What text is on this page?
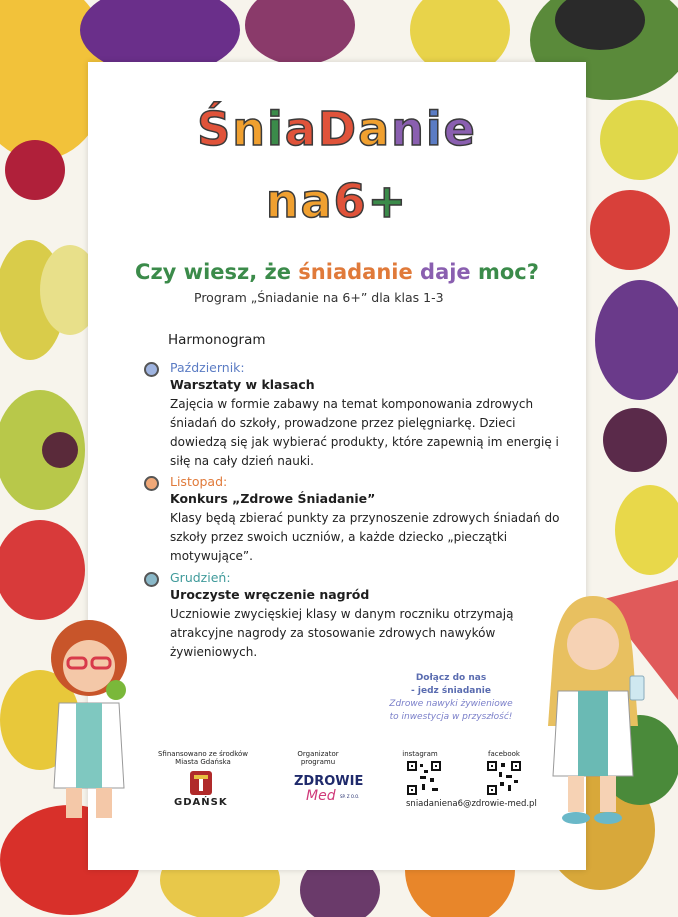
ŚniaDanie
na6+
Czy wiesz, że śniadanie daje moc?
Program „Śniadanie na 6+” dla klas 1-3
Harmonogram
Październik:
Warsztaty w klasach
Zajęcia w formie zabawy na temat komponowania zdrowych śniadań do szkoły, prowadzone przez pielęgniarkę. Dzieci dowiedzą się jak wybierać produkty, które zapewnią im energię i siłę na cały dzień nauki.
Listopad:
Konkurs „Zdrowe Śniadanie”
Klasy będą zbierać punkty za przynoszenie zdrowych śniadań do szkoły przez swoich uczniów, a każde dziecko „pieczątki motywujące”.
Grudzień:
Uroczyste wręczenie nagród
Uczniowie zwycięskiej klasy w danym roczniku otrzymają atrakcyjne nagrody za stosowanie zdrowych nawyków żywieniowych.
Dołącz do nas
- jedz śniadanie
Zdrowe nawyki żywieniowe
to inwestycja w przyszłość!
Sfinansowano ze środków Miasta Gdańska
GDAŃSK
Organizator programu
ZDROWIE
Med SP. Z O.O.
instagram	facebook
sniadaniena6@zdrowie-med.pl
